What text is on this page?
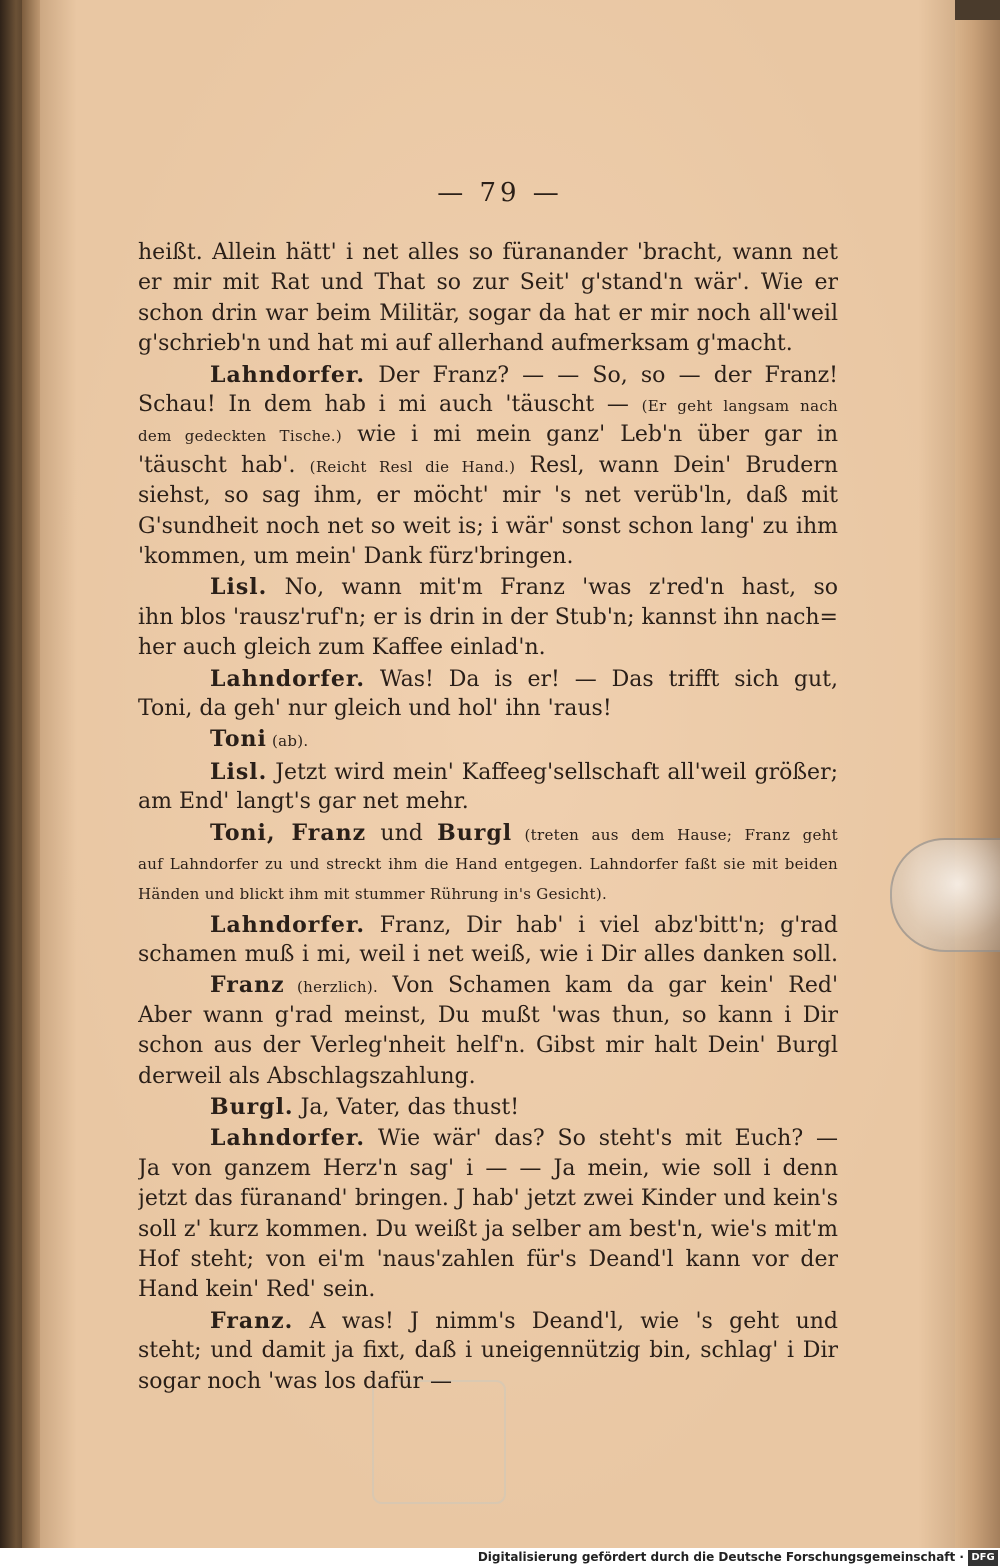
— 79 —
heißt. Allein hätt' i net alles so füranander 'bracht, wann net
er mir mit Rat und That so zur Seit' g'stand'n wär'. Wie er
schon drin war beim Militär, sogar da hat er mir noch all'weil
g'schrieb'n und hat mi auf allerhand aufmerksam g'macht.
Lahndorfer. Der Franz? — — So, so — der Franz!
Schau! In dem hab i mi auch 'täuscht — (Er geht langsam nach
dem gedeckten Tische.) wie i mi mein ganz' Leb'n über gar in
'täuscht hab'. (Reicht Resl die Hand.) Resl, wann Dein' Brudern
siehst, so sag ihm, er möcht' mir 's net verüb'ln, daß mit
G'sundheit noch net so weit is; i wär' sonst schon lang' zu ihm
'kommen, um mein' Dank fürz'bringen.
Lisl. No, wann mit'm Franz 'was z'red'n hast, so
ihn blos 'rausz'ruf'n; er is drin in der Stub'n; kannst ihn nach=
her auch gleich zum Kaffee einlad'n.
Lahndorfer. Was! Da is er! — Das trifft sich gut,
Toni, da geh' nur gleich und hol' ihn 'raus!
Toni (ab).
Lisl. Jetzt wird mein' Kaffeeg'sellschaft all'weil größer;
am End' langt's gar net mehr.
Toni, Franz und Burgl (treten aus dem Hause; Franz geht
auf Lahndorfer zu und streckt ihm die Hand entgegen. Lahndorfer faßt sie mit beiden
Händen und blickt ihm mit stummer Rührung in's Gesicht).
Lahndorfer. Franz, Dir hab' i viel abz'bitt'n; g'rad
schamen muß i mi, weil i net weiß, wie i Dir alles danken soll.
Franz (herzlich). Von Schamen kam da gar kein' Red'
Aber wann g'rad meinst, Du mußt 'was thun, so kann i Dir
schon aus der Verleg'nheit helf'n. Gibst mir halt Dein' Burgl
derweil als Abschlagszahlung.
Burgl. Ja, Vater, das thust!
Lahndorfer. Wie wär' das? So steht's mit Euch? —
Ja von ganzem Herz'n sag' i — — Ja mein, wie soll i denn
jetzt das füranand' bringen. J hab' jetzt zwei Kinder und kein's
soll z' kurz kommen. Du weißt ja selber am best'n, wie's mit'm
Hof steht; von ei'm 'naus'zahlen für's Deand'l kann vor der
Hand kein' Red' sein.
Franz. A was! J nimm's Deand'l, wie 's geht und
steht; und damit ja fixt, daß i uneigennützig bin, schlag' i Dir
sogar noch 'was los dafür —
Digitalisierung gefördert durch die Deutsche Forschungsgemeinschaft · DFG
